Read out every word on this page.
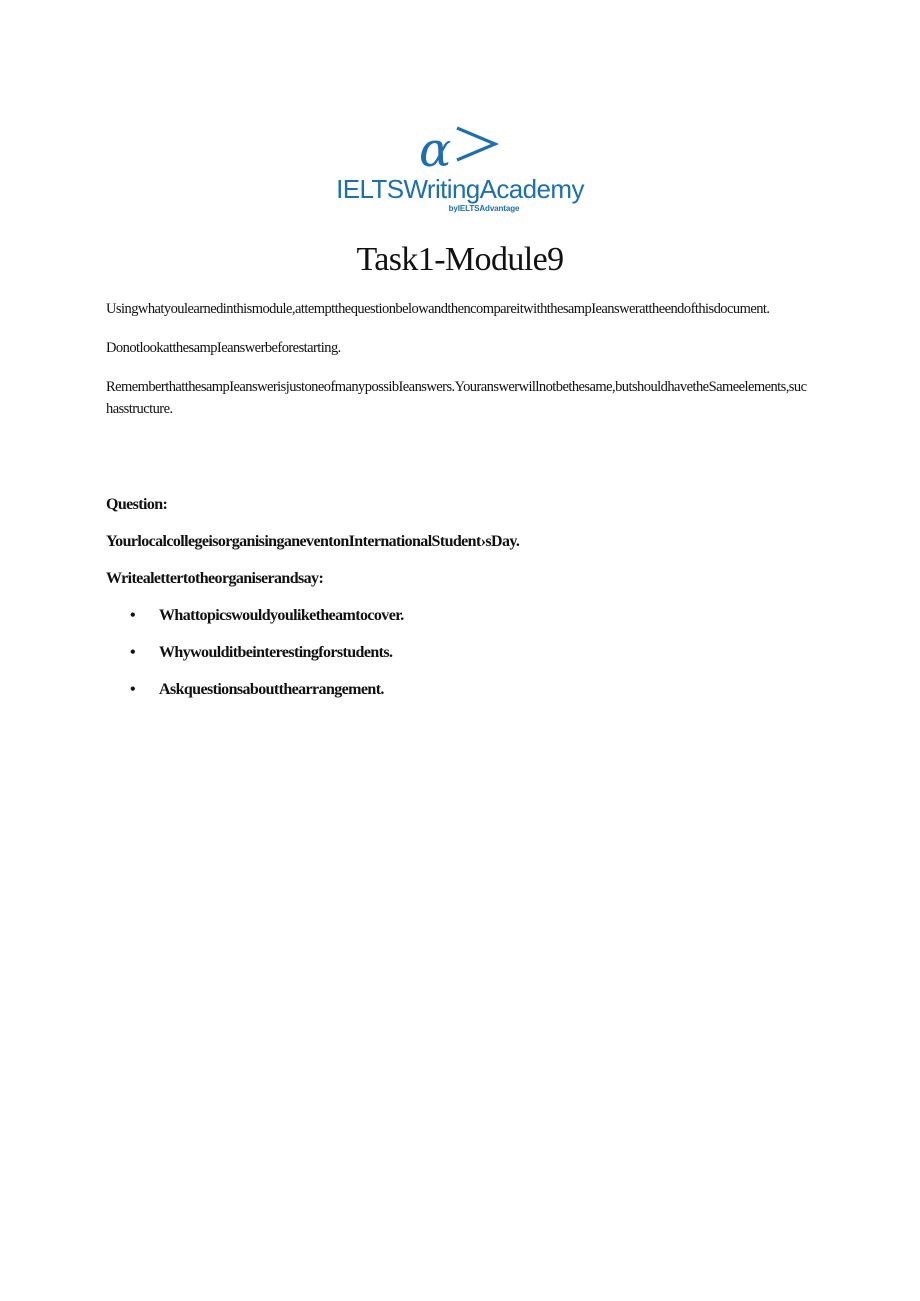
α
IELTSWritingAcademy
byIELTSAdvantage
Task1-Module9

Usingwhatyoulearnedinthismodule,attemptthequestionbelowandthencompareitwiththesampIeanswerattheendofthisdocument.

DonotlookatthesampIeanswerbeforestarting.

RememberthatthesampIeanswerisjustoneofmanypossibIeanswers.Youranswerwillnotbethesame,butshouldhavetheSameelements,suchasstructure.

Question:
YourlocalcollegeisorganisinganeventonInternationalStudent›sDay.
Writealettertotheorganiserandsay:
• Whattopicswouldyouliketheamtocover.
• Whywoulditbeinterestingforstudents.
• Askquestionsaboutthearrangement.
